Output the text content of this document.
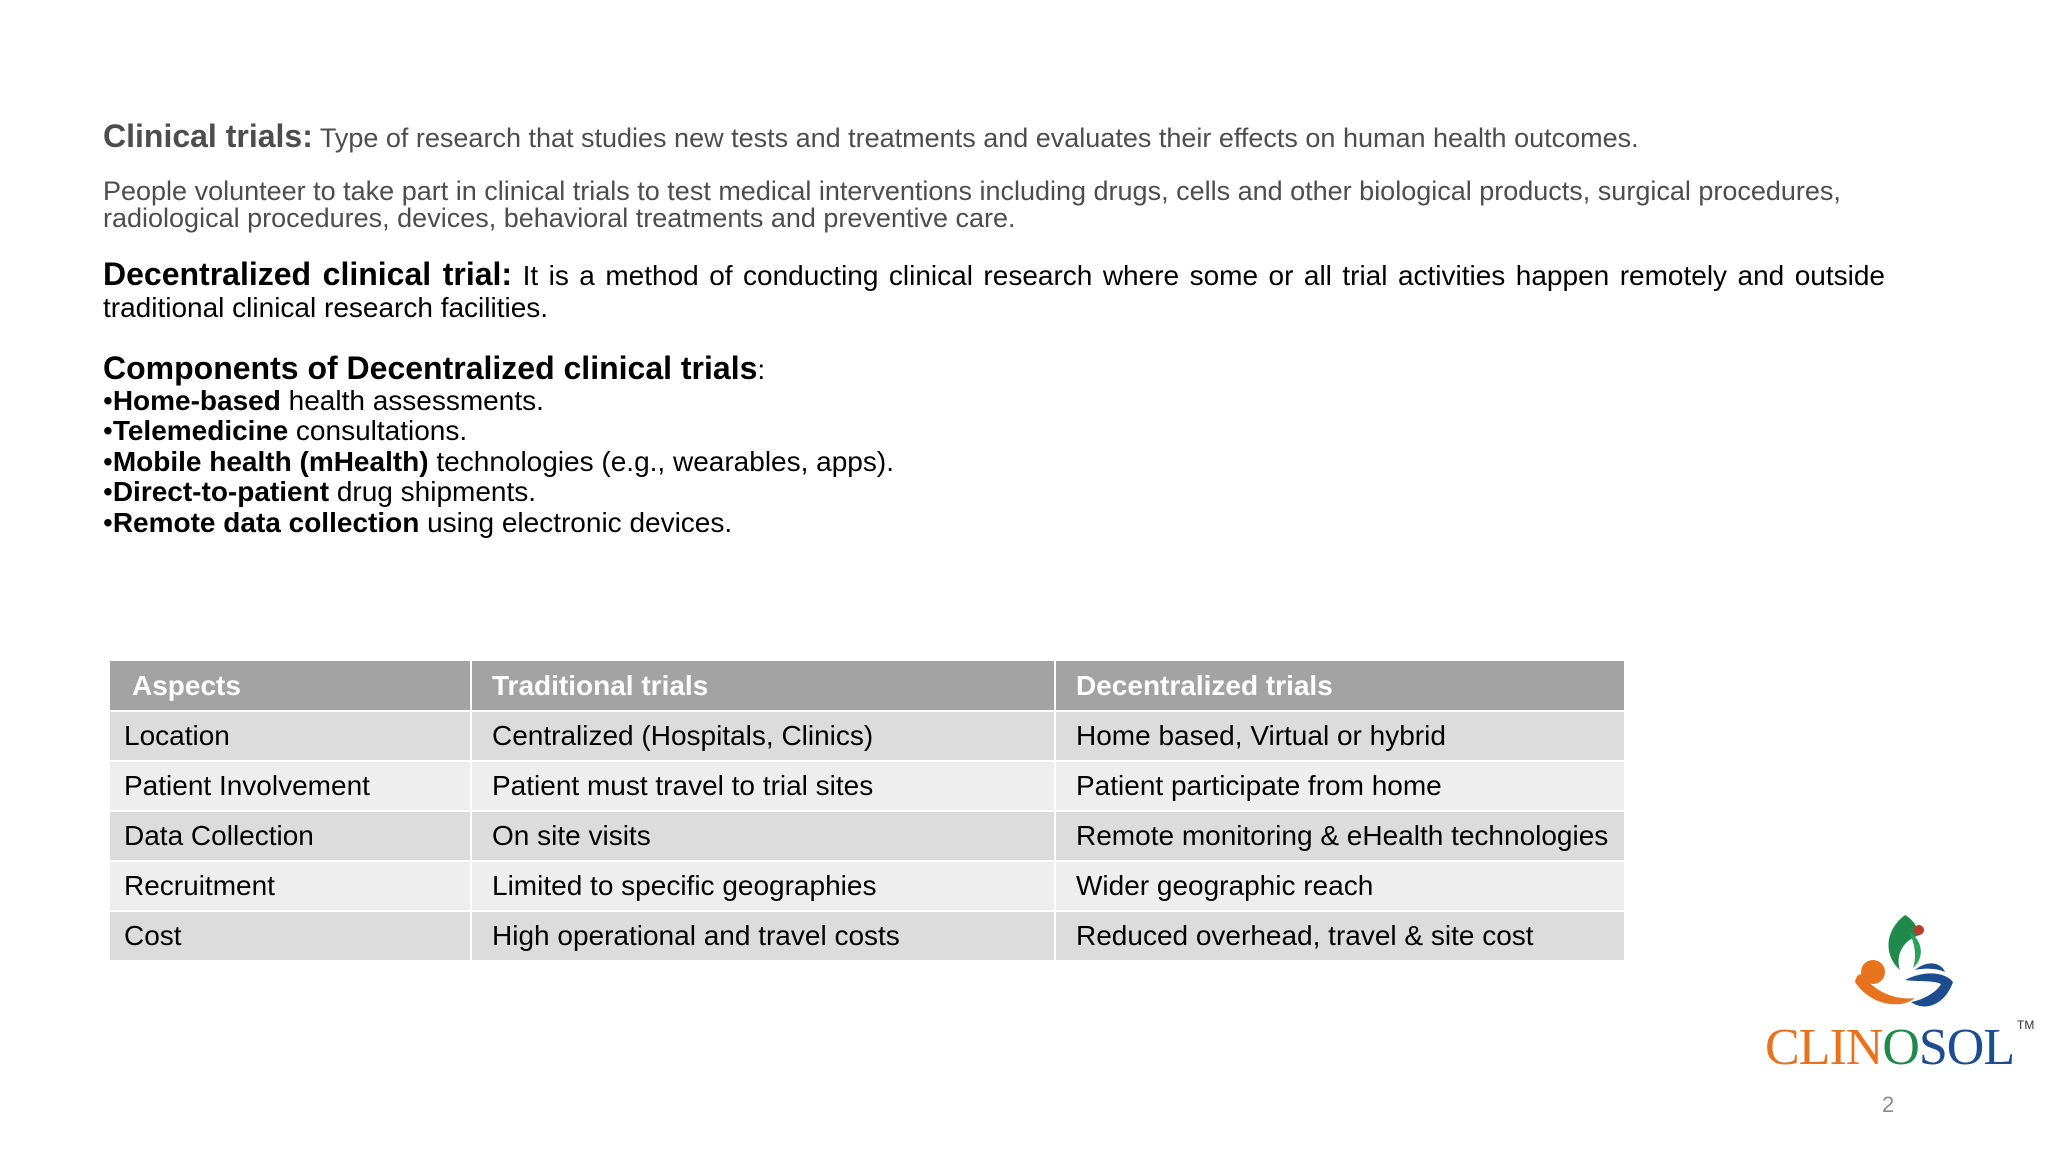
Clinical trials: Type of research that studies new tests and treatments and evaluates their effects on human health outcomes.

People volunteer to take part in clinical trials to test medical interventions including drugs, cells and other biological products, surgical procedures, radiological procedures, devices, behavioral treatments and preventive care.

Decentralized clinical trial: It is a method of conducting clinical research where some or all trial activities happen remotely and outside traditional clinical research facilities.

Components of Decentralized clinical trials:
•Home-based health assessments.
•Telemedicine consultations.
•Mobile health (mHealth) technologies (e.g., wearables, apps).
•Direct-to-patient drug shipments.
•Remote data collection using electronic devices.
Aspects	Traditional trials	Decentralized trials
Location	Centralized (Hospitals, Clinics)	Home based, Virtual or hybrid
Patient Involvement	Patient must travel to trial sites	Patient participate from home
Data Collection	On site visits	Remote monitoring & eHealth technologies
Recruitment	Limited to specific geographies	Wider geographic reach
Cost	High operational and travel costs	Reduced overhead, travel & site cost
CLINOSOL TM
2
